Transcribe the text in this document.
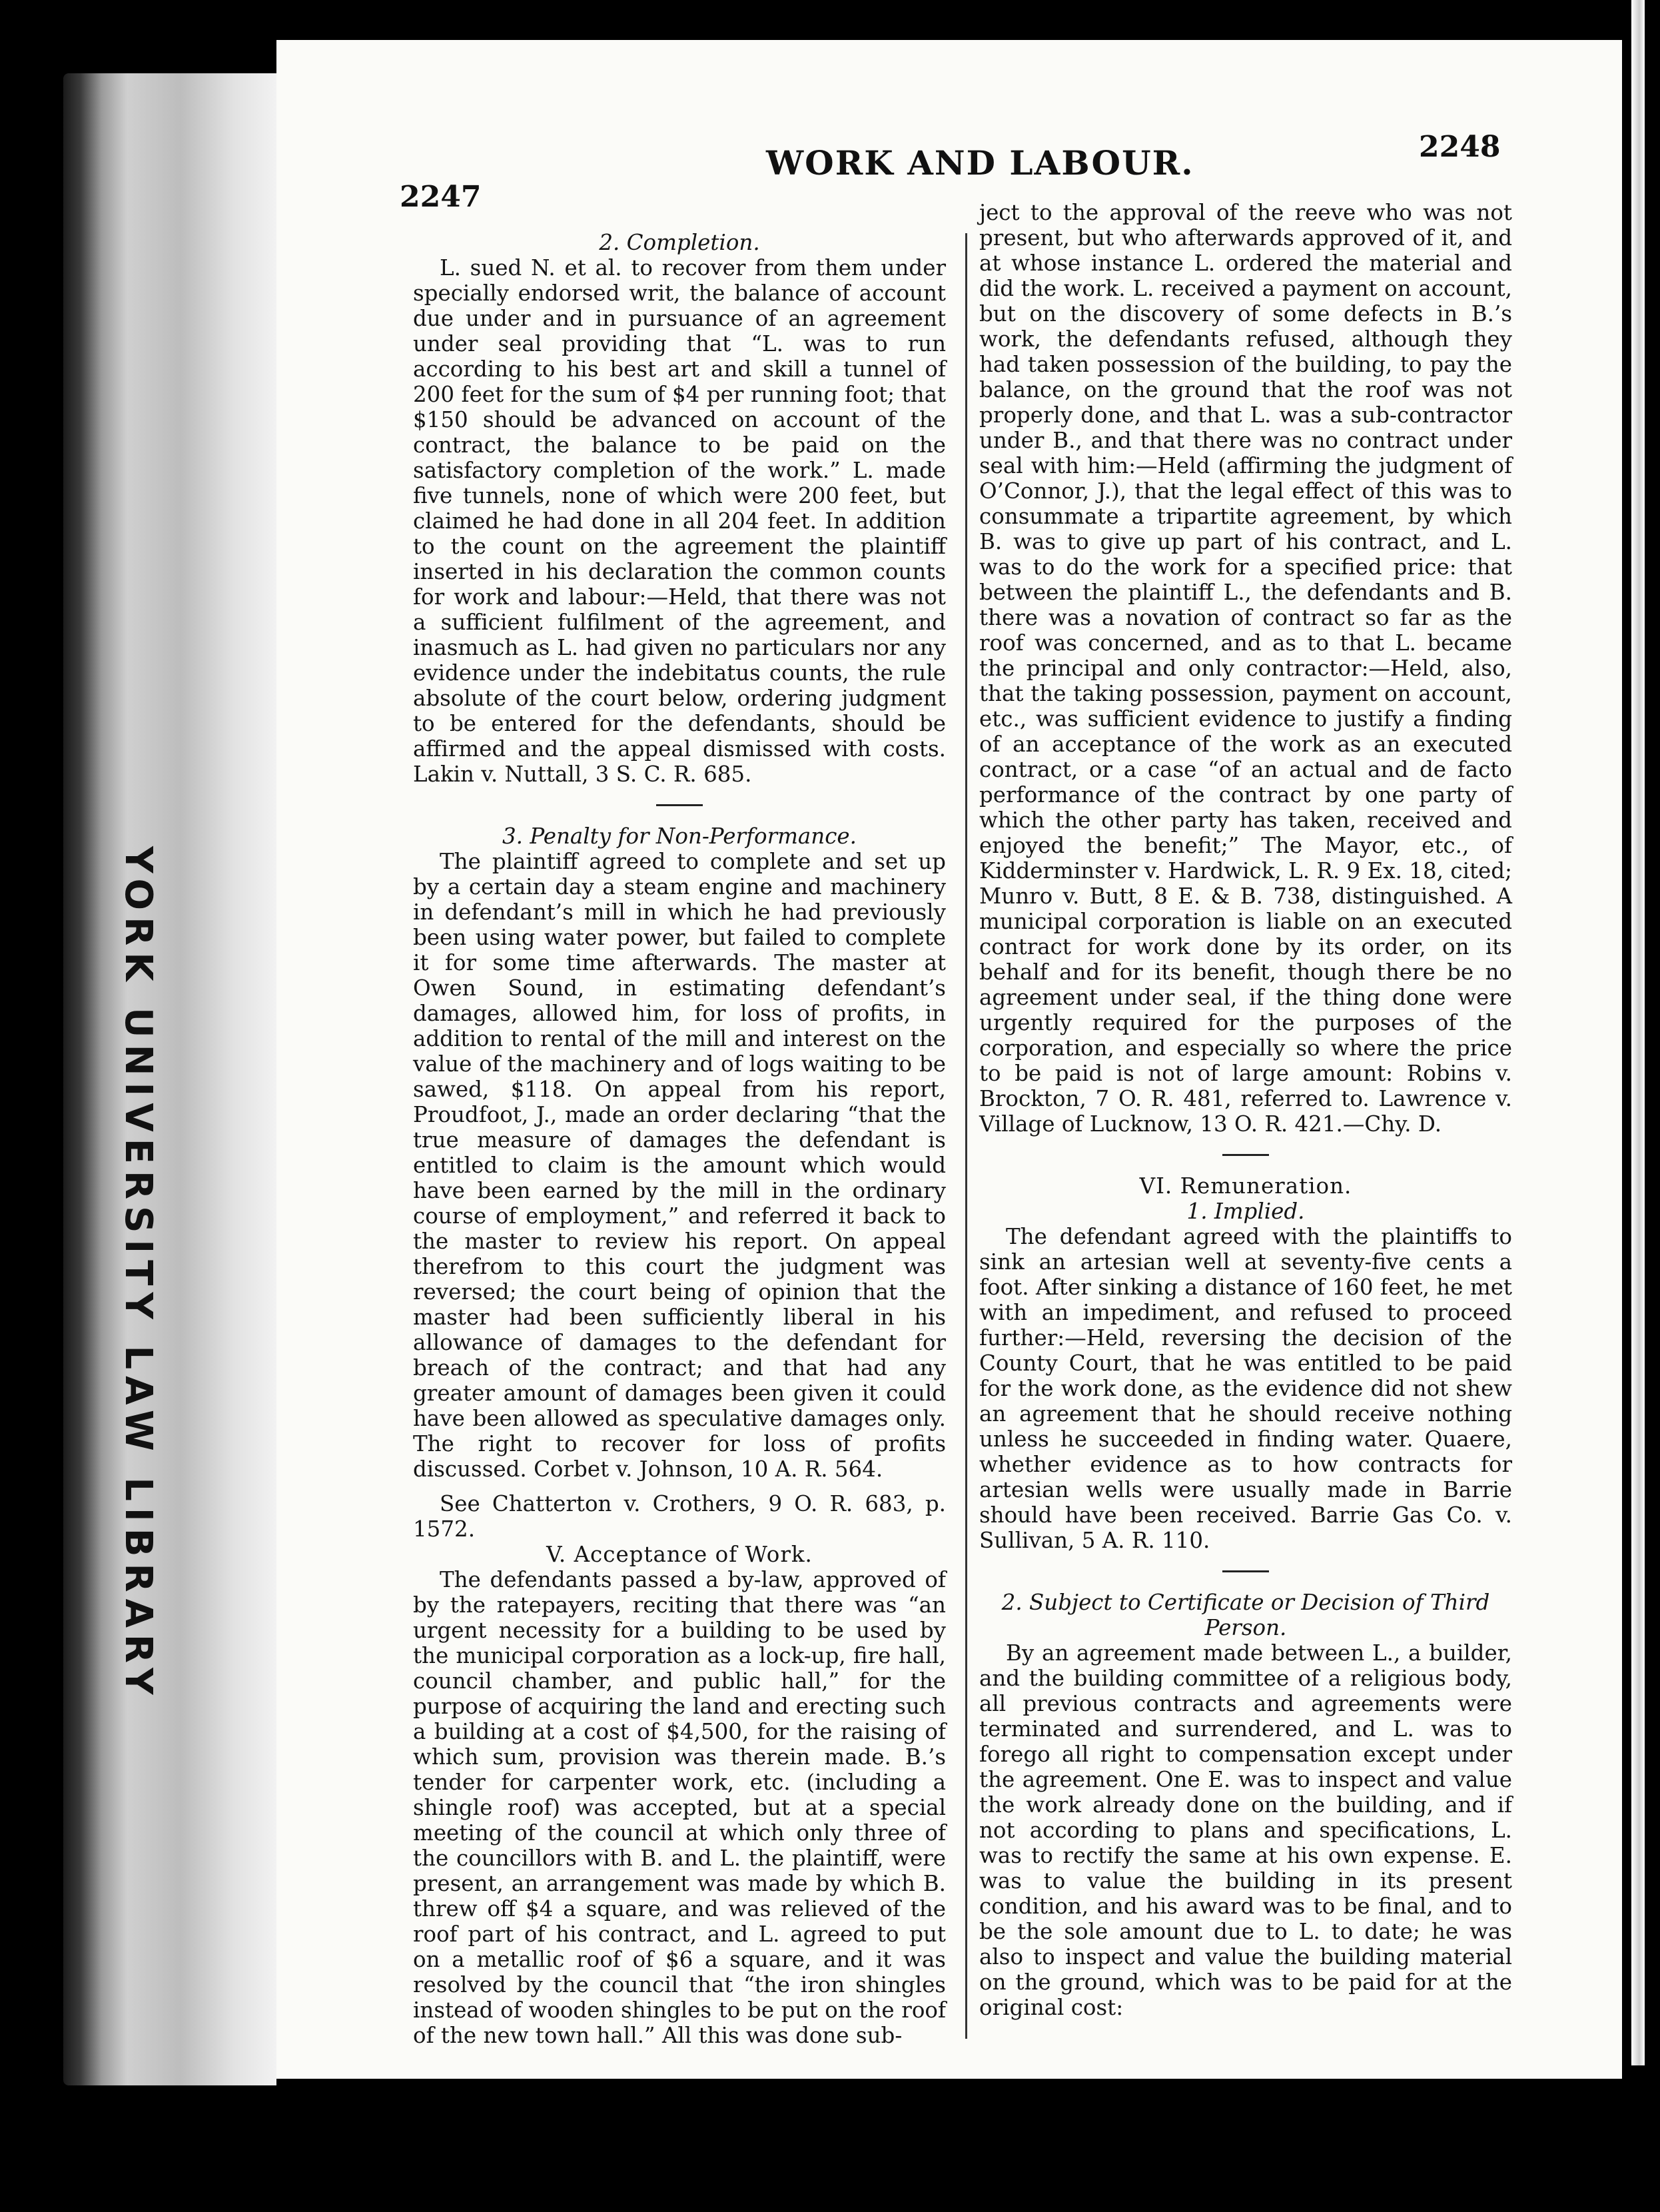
YORK UNIVERSITY LAW LIBRARY
2247
WORK AND LABOUR.	2248

2. Completion.

L. sued N. et al. to recover from them under specially endorsed writ, the balance of account due under and in pursuance of an agreement under seal providing that “L. was to run according to his best art and skill a tunnel of 200 feet for the sum of $4 per running foot; that $150 should be advanced on account of the contract, the balance to be paid on the satisfactory completion of the work.” L. made five tunnels, none of which were 200 feet, but claimed he had done in all 204 feet. In addition to the count on the agreement the plaintiff inserted in his declaration the common counts for work and labour:—Held, that there was not a sufficient fulfilment of the agreement, and inasmuch as L. had given no particulars nor any evidence under the indebitatus counts, the rule absolute of the court below, ordering judgment to be entered for the defendants, should be affirmed and the appeal dismissed with costs. Lakin v. Nuttall, 3 S. C. R. 685.

3. Penalty for Non-Performance.

The plaintiff agreed to complete and set up by a certain day a steam engine and machinery in defendant’s mill in which he had previously been using water power, but failed to complete it for some time afterwards. The master at Owen Sound, in estimating defendant’s damages, allowed him, for loss of profits, in addition to rental of the mill and interest on the value of the machinery and of logs waiting to be sawed, $118. On appeal from his report, Proudfoot, J., made an order declaring “that the true measure of damages the defendant is entitled to claim is the amount which would have been earned by the mill in the ordinary course of employment,” and referred it back to the master to review his report. On appeal therefrom to this court the judgment was reversed; the court being of opinion that the master had been sufficiently liberal in his allowance of damages to the defendant for breach of the contract; and that had any greater amount of damages been given it could have been allowed as speculative damages only. The right to recover for loss of profits discussed. Corbet v. Johnson, 10 A. R. 564.

See Chatterton v. Crothers, 9 O. R. 683, p. 1572.

V. Acceptance of Work.

The defendants passed a by-law, approved of by the ratepayers, reciting that there was “an urgent necessity for a building to be used by the municipal corporation as a lock-up, fire hall, council chamber, and public hall,” for the purpose of acquiring the land and erecting such a building at a cost of $4,500, for the raising of which sum, provision was therein made. B.’s tender for carpenter work, etc. (including a shingle roof) was accepted, but at a special meeting of the council at which only three of the councillors with B. and L. the plaintiff, were present, an arrangement was made by which B. threw off $4 a square, and was relieved of the roof part of his contract, and L. agreed to put on a metallic roof of $6 a square, and it was resolved by the council that “the iron shingles instead of wooden shingles to be put on the roof of the new town hall.” All this was done sub-

ject to the approval of the reeve who was not present, but who afterwards approved of it, and at whose instance L. ordered the material and did the work. L. received a payment on account, but on the discovery of some defects in B.’s work, the defendants refused, although they had taken possession of the building, to pay the balance, on the ground that the roof was not properly done, and that L. was a sub-contractor under B., and that there was no contract under seal with him:—Held (affirming the judgment of O’Connor, J.), that the legal effect of this was to consummate a tripartite agreement, by which B. was to give up part of his contract, and L. was to do the work for a specified price: that between the plaintiff L., the defendants and B. there was a novation of contract so far as the roof was concerned, and as to that L. became the principal and only contractor:—Held, also, that the taking possession, payment on account, etc., was sufficient evidence to justify a finding of an acceptance of the work as an executed contract, or a case “of an actual and de facto performance of the contract by one party of which the other party has taken, received and enjoyed the benefit;” The Mayor, etc., of Kidderminster v. Hardwick, L. R. 9 Ex. 18, cited; Munro v. Butt, 8 E. & B. 738, distinguished. A municipal corporation is liable on an executed contract for work done by its order, on its behalf and for its benefit, though there be no agreement under seal, if the thing done were urgently required for the purposes of the corporation, and especially so where the price to be paid is not of large amount: Robins v. Brockton, 7 O. R. 481, referred to. Lawrence v. Village of Lucknow, 13 O. R. 421.—Chy. D.

VI. Remuneration.

1. Implied.

The defendant agreed with the plaintiffs to sink an artesian well at seventy-five cents a foot. After sinking a distance of 160 feet, he met with an impediment, and refused to proceed further:—Held, reversing the decision of the County Court, that he was entitled to be paid for the work done, as the evidence did not shew an agreement that he should receive nothing unless he succeeded in finding water. Quaere, whether evidence as to how contracts for artesian wells were usually made in Barrie should have been received. Barrie Gas Co. v. Sullivan, 5 A. R. 110.

2. Subject to Certificate or Decision of Third Person.

By an agreement made between L., a builder, and the building committee of a religious body, all previous contracts and agreements were terminated and surrendered, and L. was to forego all right to compensation except under the agreement. One E. was to inspect and value the work already done on the building, and if not according to plans and specifications, L. was to rectify the same at his own expense. E. was to value the building in its present condition, and his award was to be final, and to be the sole amount due to L. to date; he was also to inspect and value the building material on the ground, which was to be paid for at the original cost:
